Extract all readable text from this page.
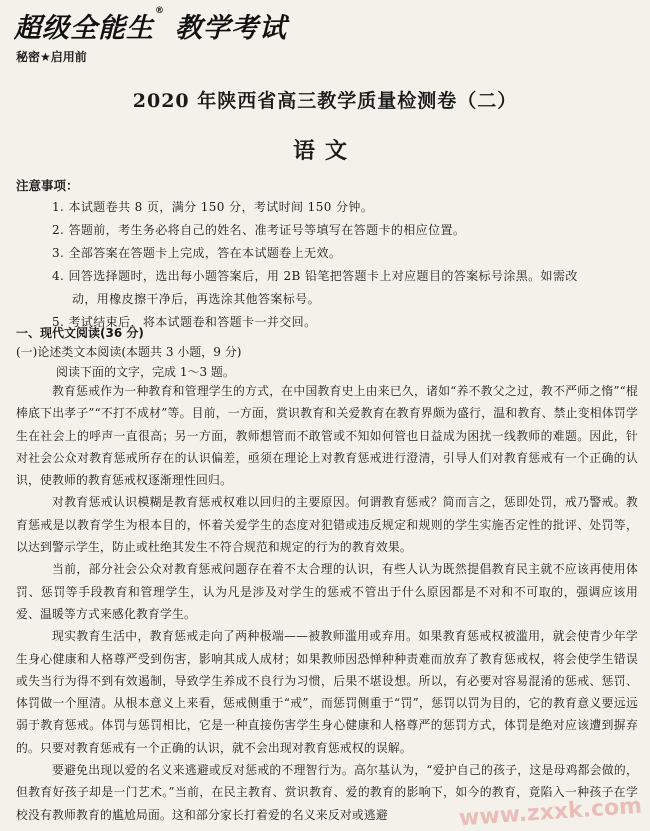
超级全能生®教学考试
秘密★启用前
2020 年陕西省高三教学质量检测卷（二）
语文
注意事项：

1. 本试题卷共 8 页，满分 150 分，考试时间 150 分钟。

2. 答题前，考生务必将自己的姓名、准考证号等填写在答题卡的相应位置。

3. 全部答案在答题卡上完成，答在本试题卷上无效。

4. 回答选择题时，选出每小题答案后，用 2B 铅笔把答题卡上对应题目的答案标号涂黑。如需改

动，用橡皮擦干净后，再选涂其他答案标号。

5. 考试结束后，将本试题卷和答题卡一并交回。

一、现代文阅读(36 分)
(一)论述类文本阅读(本题共 3 小题，9 分)
阅读下面的文字，完成 1～3 题。

教育惩戒作为一种教育和管理学生的方式，在中国教育史上由来已久，诸如“养不教父之过，教不严师之惰”“棍棒底下出孝子”“不打不成材”等。目前，一方面，赏识教育和关爱教育在教育界颇为盛行，温和教育、禁止变相体罚学生在社会上的呼声一直很高；另一方面，教师想管而不敢管或不知如何管也日益成为困扰一线教师的难题。因此，针对社会公众对教育惩戒所存在的认识偏差，亟须在理论上对教育惩戒进行澄清，引导人们对教育惩戒有一个正确的认识，使教师的教育惩戒权逐渐理性回归。

对教育惩戒认识模糊是教育惩戒权难以回归的主要原因。何谓教育惩戒？简而言之，惩即处罚，戒乃警戒。教育惩戒是以教育学生为根本目的，怀着关爱学生的态度对犯错或违反规定和规则的学生实施否定性的批评、处罚等，以达到警示学生，防止或杜绝其发生不符合规范和规定的行为的教育效果。

当前，部分社会公众对教育惩戒问题存在着不太合理的认识，有些人认为既然提倡教育民主就不应该再使用体罚、惩罚等手段教育和管理学生，认为凡是涉及对学生的惩戒不管出于什么原因都是不对和不可取的，强调应该用爱、温暖等方式来感化教育学生。

现实教育生活中，教育惩戒走向了两种极端——被教师滥用或弃用。如果教育惩戒权被滥用，就会使青少年学生身心健康和人格尊严受到伤害，影响其成人成材；如果教师因恐惮种种责难而放弃了教育惩戒权，将会使学生错误或失当行为得不到有效遏制，导致学生养成不良行为习惯，后果不堪设想。所以，有必要对容易混淆的惩戒、惩罚、体罚做一个厘清。从根本意义上来看，惩戒侧重于“戒”，而惩罚侧重于“罚”，惩罚以罚为目的，它的教育意义要远远弱于教育惩戒。体罚与惩罚相比，它是一种直接伤害学生身心健康和人格尊严的惩罚方式，体罚是绝对应该遭到摒弃的。只要对教育惩戒有一个正确的认识，就不会出现对教育惩戒权的误解。

要避免出现以爱的名义来逃避或反对惩戒的不理智行为。高尔基认为，“爱护自己的孩子，这是母鸡都会做的，但教育好孩子却是一门艺术。”当前，在民主教育、赏识教育、爱的教育的影响下，如今的教育，竟陷入一种孩子在学校没有教师教育的尴尬局面。这和部分家长打着爱的名义来反对或逃避	www.zxxk.com
